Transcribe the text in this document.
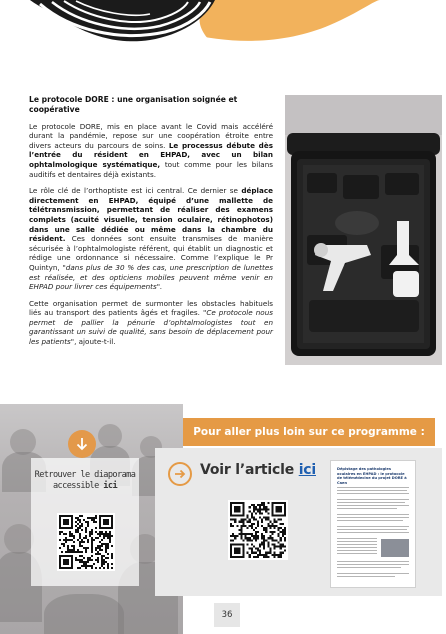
Le protocole DORE : une organisation soignée et coopérative

Le protocole DORE, mis en place avant le Covid mais accéléré durant la pandémie, repose sur une coopération étroite entre divers acteurs du parcours de soins. Le processus débute dès l’entrée du résident en EHPAD, avec un bilan ophtalmologique systématique, tout comme pour les bilans auditifs et dentaires déjà existants.

Le rôle clé de l’orthoptiste est ici central. Ce dernier se déplace directement en EHPAD, équipé d’une mallette de télétransmission, permettant de réaliser des examens complets (acuité visuelle, tension oculaire, rétinophotos) dans une salle dédiée ou même dans la chambre du résident. Ces données sont ensuite transmises de manière sécurisée à l’ophtalmologiste référent, qui établit un diagnostic et rédige une ordonnance si nécessaire. Comme l’explique le Pr Quintyn, "dans plus de 30 % des cas, une prescription de lunettes est réalisée, et des opticiens mobiles peuvent même venir en EHPAD pour livrer ces équipements".

Cette organisation permet de surmonter les obstacles habituels liés au transport des patients âgés et fragiles. "Ce protocole nous permet de pallier la pénurie d’ophtalmologistes tout en garantissant un suivi de qualité, sans besoin de déplacement pour les patients", ajoute-t-il.

Retrouver le diaporama
accessible ici
Pour aller plus loin sur ce programme :
Voir l’article ici	Dépistage des pathologies oculaires en EHPAD : le protocole de télémédecine du projet DORE à Caen
36
